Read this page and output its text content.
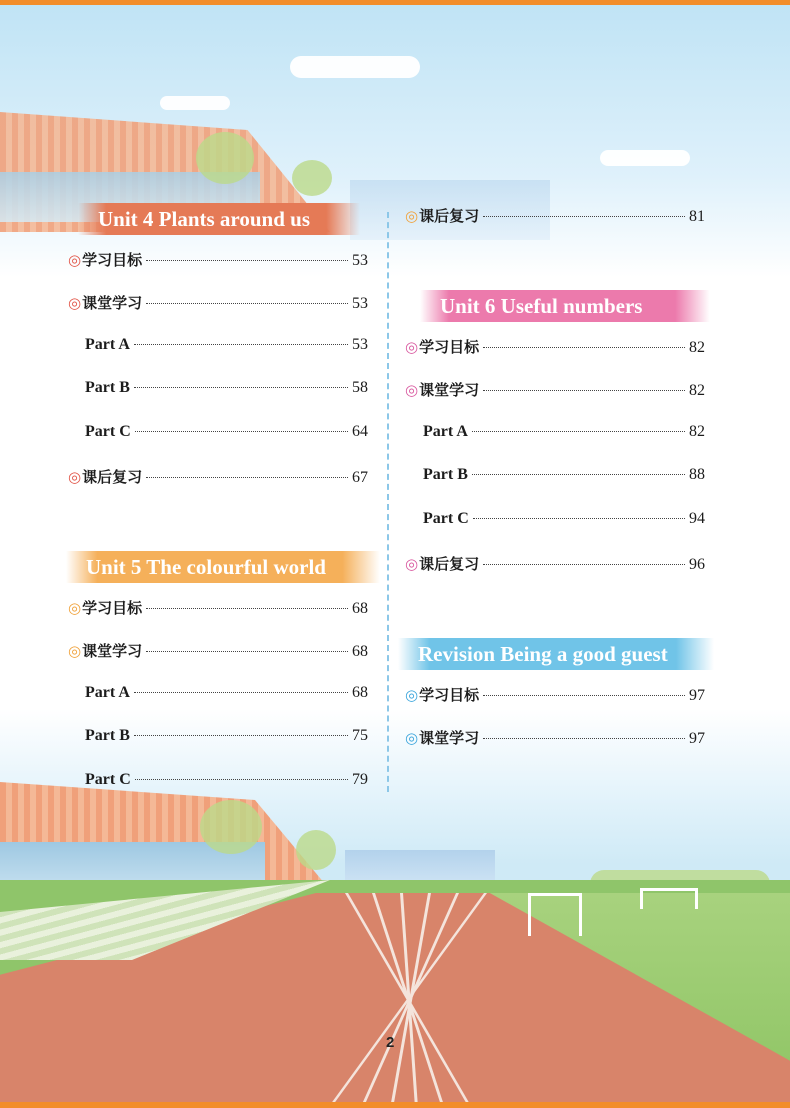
Unit 4 Plants around us
◎ 学习目标	53
◎ 课堂学习	53
Part A	53
Part B	58
Part C	64
◎ 课后复习	67
Unit 5 The colourful world
◎ 学习目标	68
◎ 课堂学习	68
Part A	68
Part B	75
Part C	79
◎ 课后复习	81
Unit 6 Useful numbers
◎ 学习目标	82
◎ 课堂学习	82
Part A	82
Part B	88
Part C	94
◎ 课后复习	96
Revision Being a good guest
◎ 学习目标	97
◎ 课堂学习	97
2
